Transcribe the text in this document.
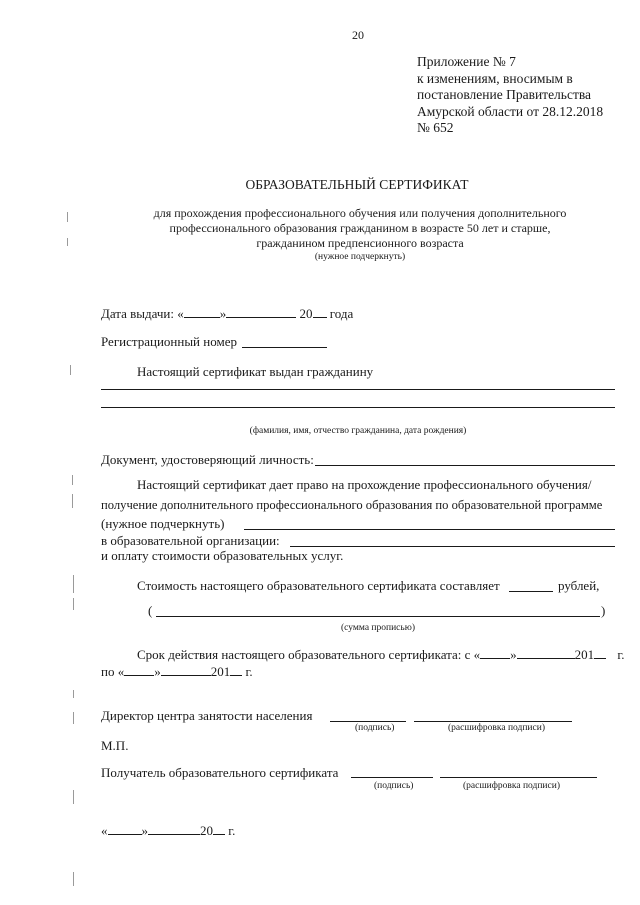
20
Приложение № 7
к изменениям, вносимым в
постановление Правительства
Амурской области от 28.12.2018
№ 652
ОБРАЗОВАТЕЛЬНЫЙ СЕРТИФИКАТ
для прохождения профессионального обучения или получения дополнительного
профессионального образования гражданином в возрасте 50 лет и старше,
гражданином предпенсионного возраста
(нужное подчеркнуть)
Дата выдачи: «	»	20 года
Регистрационный номер
Настоящий сертификат выдан гражданину
(фамилия, имя, отчество гражданина, дата рождения)
Документ, удостоверяющий личность:
Настоящий сертификат дает право на прохождение профессионального обучения/
получение дополнительного профессионального образования по образовательной программе
(нужное подчеркнуть)
в образовательной организации:
и оплату стоимости образовательных услуг.
Стоимость настоящего образовательного сертификата составляет	рублей,
(	)
(сумма прописью)
Срок действия настоящего образовательного сертификата: с « »	201 г.
по « »	201 г.
Директор центра занятости населения
(подпись)	(расшифровка подписи)
М.П.
Получатель образовательного сертификата
(подпись)	(расшифровка подписи)
«	»	20 г.
